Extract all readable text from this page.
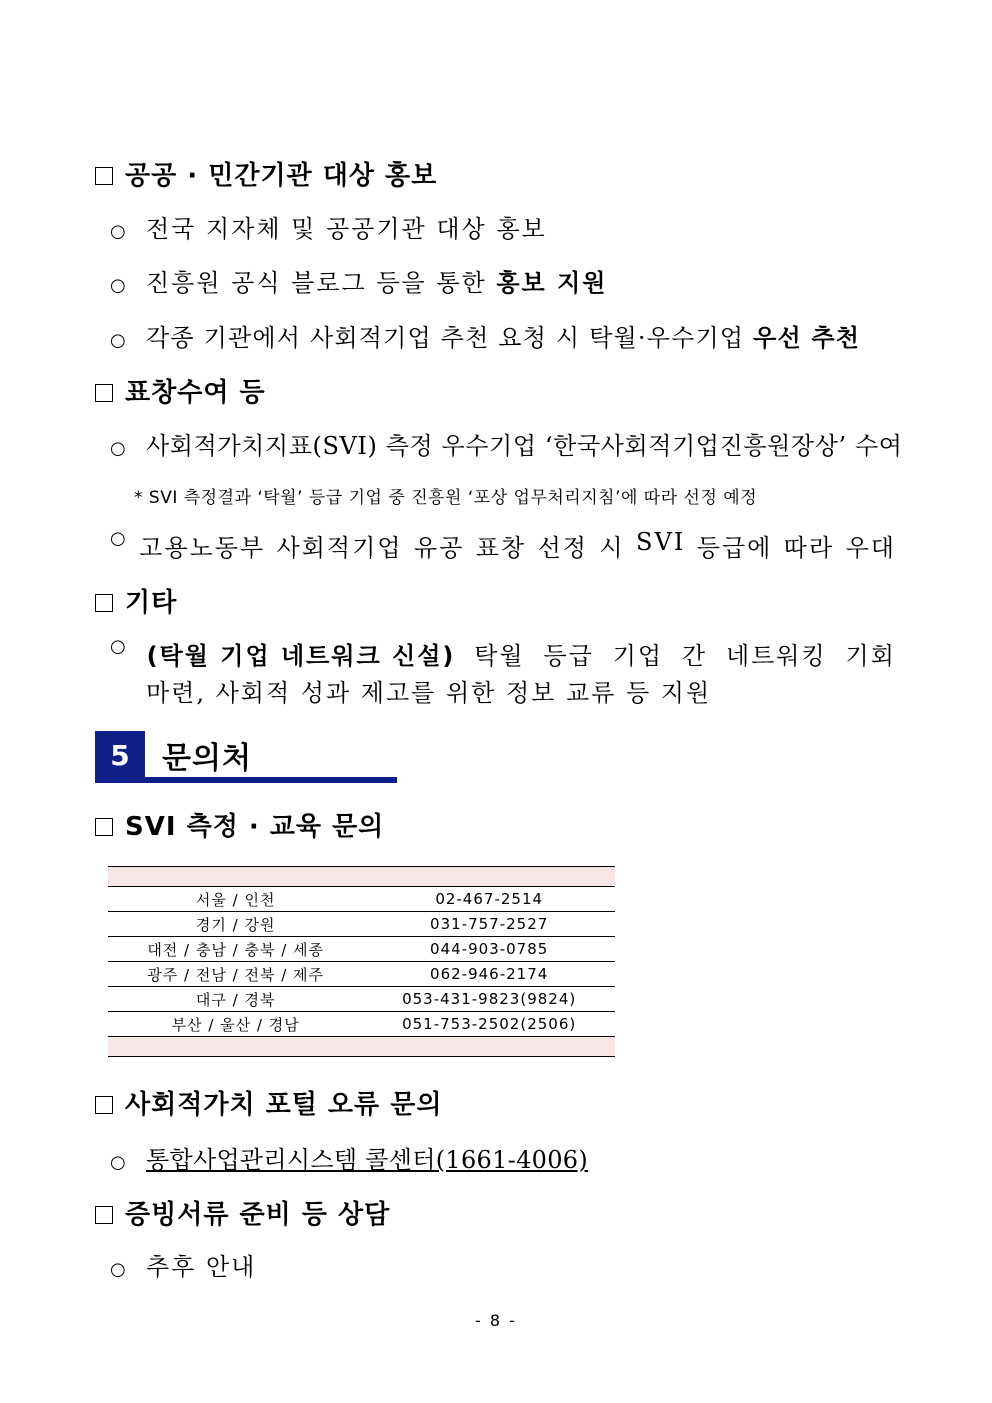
공공 · 민간기관 대상 홍보
○ 전국 지자체 및 공공기관 대상 홍보
○ 진흥원 공식 블로그 등을 통한 홍보 지원
○ 각종 기관에서 사회적기업 추천 요청 시 탁월·우수기업 우선 추천
표창수여 등
○ 사회적가치지표(SVI) 측정 우수기업 ‘한국사회적기업진흥원장상’ 수여
* SVI 측정결과 ‘탁월’ 등급 기업 중 진흥원 ‘포상 업무처리지침’에 따라 선정 예정
○ 고용노동부 사회적기업 유공 표창 선정 시 SVI 등급에 따라 우대
기타
○ (탁월 기업 네트워크 신설) 탁월 등급 기업 간 네트워킹 기회
마련, 사회적 성과 제고를 위한 정보 교류 등 지원
5	문의처
SVI 측정 · 교육 문의

서울 / 인천	02-467-2514
경기 / 강원	031-757-2527
대전 / 충남 / 충북 / 세종	044-903-0785
광주 / 전남 / 전북 / 제주	062-946-2174
대구 / 경북	053-431-9823(9824)
부산 / 울산 / 경남	051-753-2502(2506)

사회적가치 포털 오류 문의
○ 통합사업관리시스템 콜센터(1661-4006)
증빙서류 준비 등 상담
○ 추후 안내
- 8 -
